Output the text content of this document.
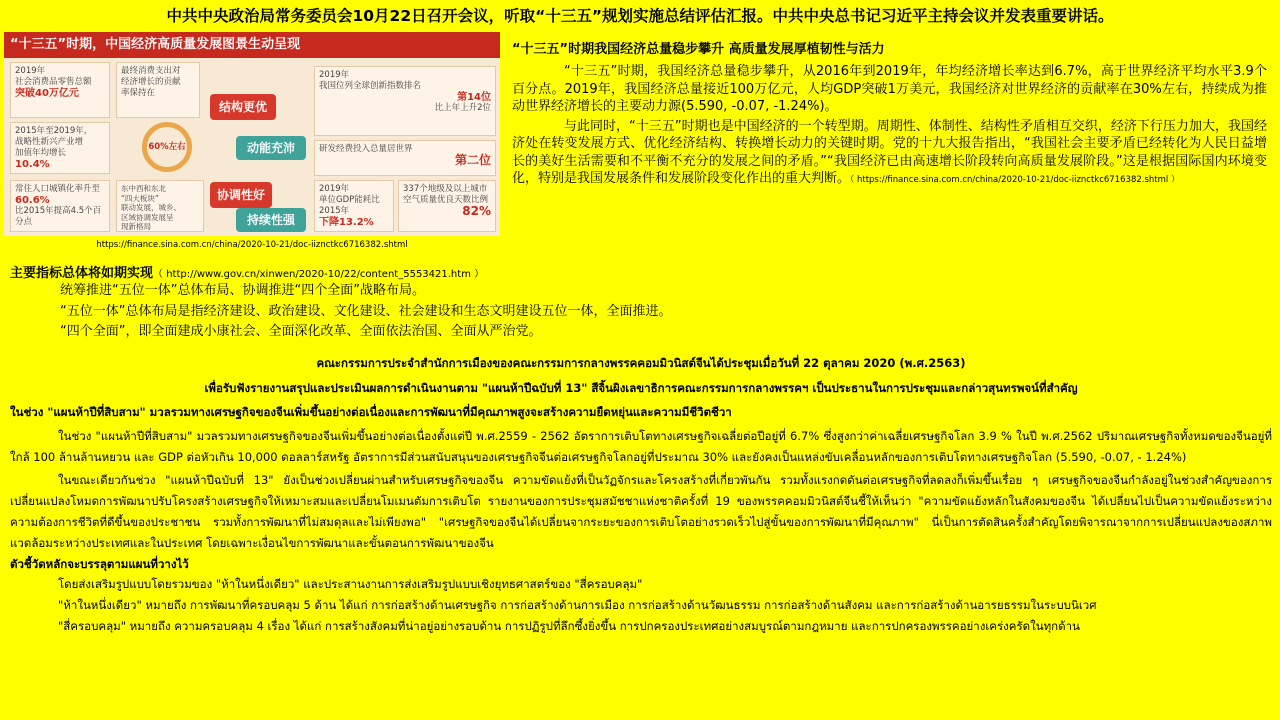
中共中央政治局常务委员会10月22日召开会议，听取“十三五”规划实施总结评估汇报。中共中央总书记习近平主持会议并发表重要讲话。
“十三五”时期，中国经济高质量发展图景生动呈现
2019年
社会消费品零售总额
突破40万亿元
最终消费支出对
经济增长的贡献
率保持在
2015年至2019年，
战略性新兴产业增
加值年均增长
10.4%
60%左右
结构更优
动能充沛
2019年
我国位列全球创新指数排名
第14位
比上年上升2位
研发经费投入总量居世界
第二位
常住人口城镇化率升至
60.6%
比2015年提高4.5个百分点
东中西和东北
“四大板块”
联动发展，城乡、
区域协调发展呈
现新格局
协调性好
持续性强
2019年
单位GDP能耗比
2015年
下降13.2%
337个地级及以上城市
空气质量优良天数比例
82%
https://finance.sina.com.cn/china/2020-10-21/doc-iiznctkc6716382.shtml
“十三五”时期我国经济总量稳步攀升 高质量发展厚植韧性与活力

“十三五”时期，我国经济总量稳步攀升，从2016年到2019年，年均经济增长率达到6.7%，高于世界经济平均水平3.9个百分点。2019年，我国经济总量接近100万亿元，人均GDP突破1万美元，我国经济对世界经济的贡献率在30%左右，持续成为推动世界经济增长的主要动力源(5.590, -0.07, -1.24%)。

与此同时，“十三五”时期也是中国经济的一个转型期。周期性、体制性、结构性矛盾相互交织，经济下行压力加大，我国经济处在转变发展方式、优化经济结构、转换增长动力的关键时期。党的十九大报告指出，“我国社会主要矛盾已经转化为人民日益增长的美好生活需要和不平衡不充分的发展之间的矛盾。”“我国经济已由高速增长阶段转向高质量发展阶段。”这是根据国际国内环境变化，特别是我国发展条件和发展阶段变化作出的重大判断。（ https://finance.sina.com.cn/china/2020-10-21/doc-iiznctkc6716382.shtml ）

主要指标总体将如期实现（ http://www.gov.cn/xinwen/2020-10/22/content_5553421.htm ）
统筹推进“五位一体”总体布局、协调推进“四个全面”战略布局。
“五位一体”总体布局是指经济建设、政治建设、文化建设、社会建设和生态文明建设五位一体，全面推进。
“四个全面”，即全面建成小康社会、全面深化改革、全面依法治国、全面从严治党。
คณะกรรมการประจำสำนักการเมืองของคณะกรรมการกลางพรรคคอมมิวนิสต์จีนได้ประชุมเมื่อวันที่ 22 ตุลาคม 2020 (พ.ศ.2563)
เพื่อรับฟังรายงานสรุปและประเมินผลการดำเนินงานตาม "แผนห้าปีฉบับที่ 13" สีจิ้นผิงเลขาธิการคณะกรรมการกลางพรรคฯ เป็นประธานในการประชุมและกล่าวสุนทรพจน์ที่สำคัญ
ในช่วง "แผนห้าปีที่สิบสาม" มวลรวมทางเศรษฐกิจของจีนเพิ่มขึ้นอย่างต่อเนื่องและการพัฒนาที่มีคุณภาพสูงจะสร้างความยืดหยุ่นและความมีชีวิตชีวา

ในช่วง "แผนห้าปีที่สิบสาม" มวลรวมทางเศรษฐกิจของจีนเพิ่มขึ้นอย่างต่อเนื่องตั้งแต่ปี พ.ศ.2559 - 2562 อัตราการเติบโตทางเศรษฐกิจเฉลี่ยต่อปีอยู่ที่ 6.7% ซึ่งสูงกว่าค่าเฉลี่ยเศรษฐกิจโลก 3.9 % ในปี พ.ศ.2562 ปริมาณเศรษฐกิจทั้งหมดของจีนอยู่ที่ใกล้ 100 ล้านล้านหยวน และ GDP ต่อหัวเกิน 10,000 ดอลลาร์สหรัฐ อัตราการมีส่วนสนับสนุนของเศรษฐกิจจีนต่อเศรษฐกิจโลกอยู่ที่ประมาณ 30% และยังคงเป็นแหล่งขับเคลื่อนหลักของการเติบโตทางเศรษฐกิจโลก (5.590, -0.07, - 1.24%)

ในขณะเดียวกันช่วง "แผนห้าปีฉบับที่ 13" ยังเป็นช่วงเปลี่ยนผ่านสำหรับเศรษฐกิจของจีน ความขัดแย้งที่เป็นวัฏจักรและโครงสร้างที่เกี่ยวพันกัน รวมทั้งแรงกดดันต่อเศรษฐกิจที่ลดลงก็เพิ่มขึ้นเรื่อย ๆ เศรษฐกิจของจีนกำลังอยู่ในช่วงสำคัญของการเปลี่ยนแปลงโหมดการพัฒนาปรับโครงสร้างเศรษฐกิจให้เหมาะสมและเปลี่ยนโมเมนตัมการเติบโต รายงานของการประชุมสมัชชาแห่งชาติครั้งที่ 19 ของพรรคคอมมิวนิสต์จีนชี้ให้เห็นว่า "ความขัดแย้งหลักในสังคมของจีน ได้เปลี่ยนไปเป็นความขัดแย้งระหว่างความต้องการชีวิตที่ดีขึ้นของประชาชน รวมทั้งการพัฒนาที่ไม่สมดุลและไม่เพียงพอ" "เศรษฐกิจของจีนได้เปลี่ยนจากระยะของการเติบโตอย่างรวดเร็วไปสู่ขั้นของการพัฒนาที่มีคุณภาพ" นี่เป็นการตัดสินครั้งสำคัญโดยพิจารณาจากการเปลี่ยนแปลงของสภาพแวดล้อมระหว่างประเทศและในประเทศ โดยเฉพาะเงื่อนไขการพัฒนาและขั้นตอนการพัฒนาของจีน

ตัวชี้วัดหลักจะบรรลุตามแผนที่วางไว้
โดยส่งเสริมรูปแบบโดยรวมของ "ห้าในหนึ่งเดียว" และประสานงานการส่งเสริมรูปแบบเชิงยุทธศาสตร์ของ "สี่ครอบคลุม"
"ห้าในหนึ่งเดียว" หมายถึง การพัฒนาที่ครอบคลุม 5 ด้าน ได้แก่ การก่อสร้างด้านเศรษฐกิจ การก่อสร้างด้านการเมือง การก่อสร้างด้านวัฒนธรรม การก่อสร้างด้านสังคม และการก่อสร้างด้านอารยธรรมในระบบนิเวศ
"สี่ครอบคลุม" หมายถึง ความครอบคลุม 4 เรื่อง ได้แก่ การสร้างสังคมที่น่าอยู่อย่างรอบด้าน การปฏิรูปที่ลึกซึ้งยิ่งขึ้น การปกครองประเทศอย่างสมบูรณ์ตามกฎหมาย และการปกครองพรรคอย่างเคร่งครัดในทุกด้าน
